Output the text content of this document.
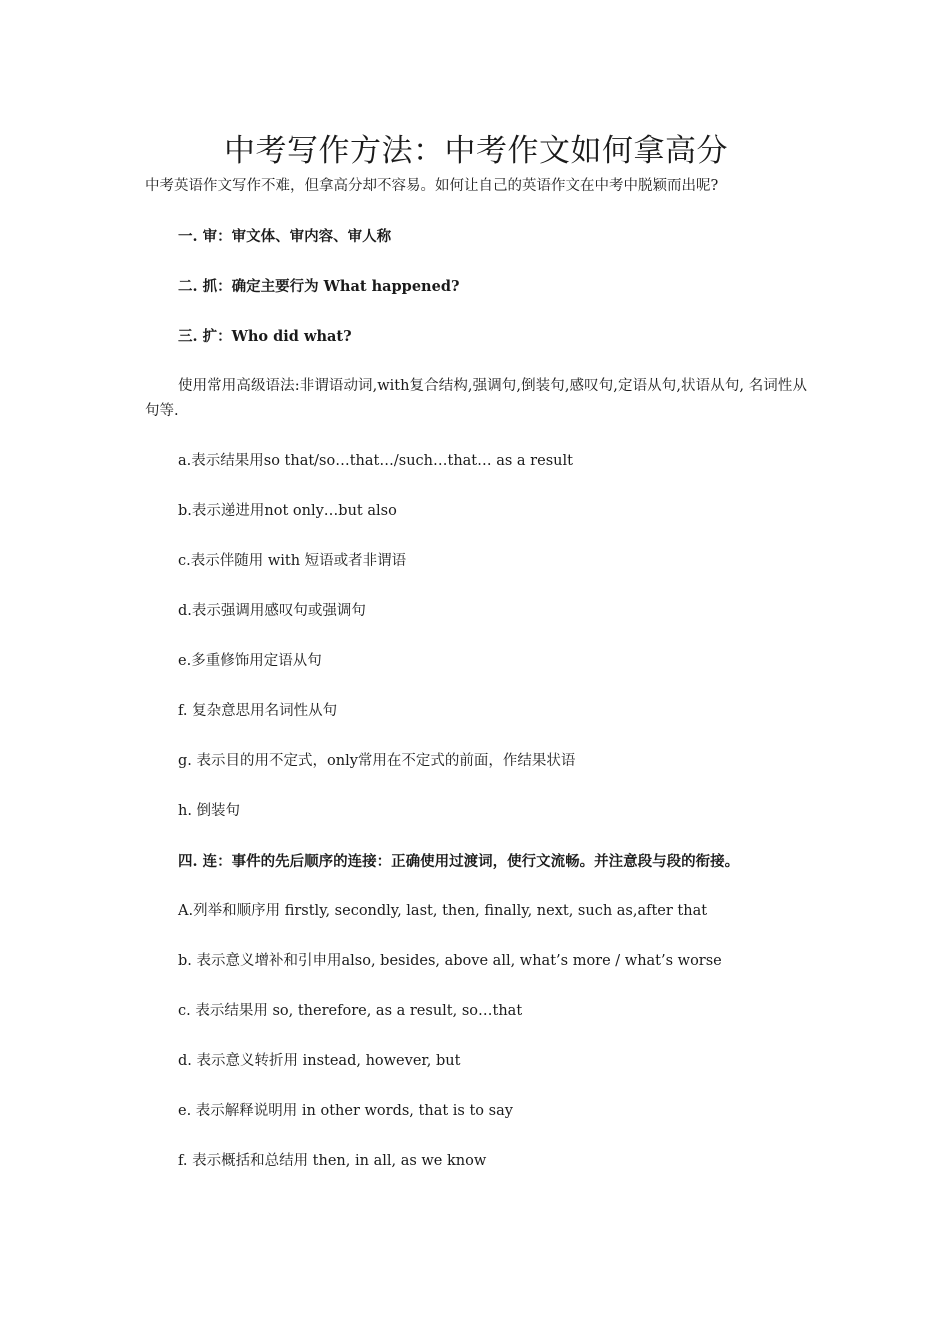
中考写作方法：中考作文如何拿高分

中考英语作文写作不难，但拿高分却不容易。如何让自己的英语作文在中考中脱颖而出呢?

一. 审：审文体、审内容、审人称

二. 抓：确定主要行为 What happened?

三. 扩：Who did what?

使用常用高级语法:非谓语动词,with复合结构,强调句,倒装句,感叹句,定语从句,状语从句, 名词性从句等.

a.表示结果用so that/so…that…/such…that… as a result

b.表示递进用not only…but also

c.表示伴随用 with 短语或者非谓语

d.表示强调用感叹句或强调句

e.多重修饰用定语从句

f. 复杂意思用名词性从句

g. 表示目的用不定式，only常用在不定式的前面，作结果状语

h. 倒装句

四. 连：事件的先后顺序的连接：正确使用过渡词，使行文流畅。并注意段与段的衔接。

A.列举和顺序用 firstly, secondly, last, then, finally, next, such as,after that

b. 表示意义增补和引申用also, besides, above all, what’s more / what’s worse

c. 表示结果用 so, therefore, as a result, so…that

d. 表示意义转折用 instead, however, but

e. 表示解释说明用 in other words, that is to say

f. 表示概括和总结用 then, in all, as we know
